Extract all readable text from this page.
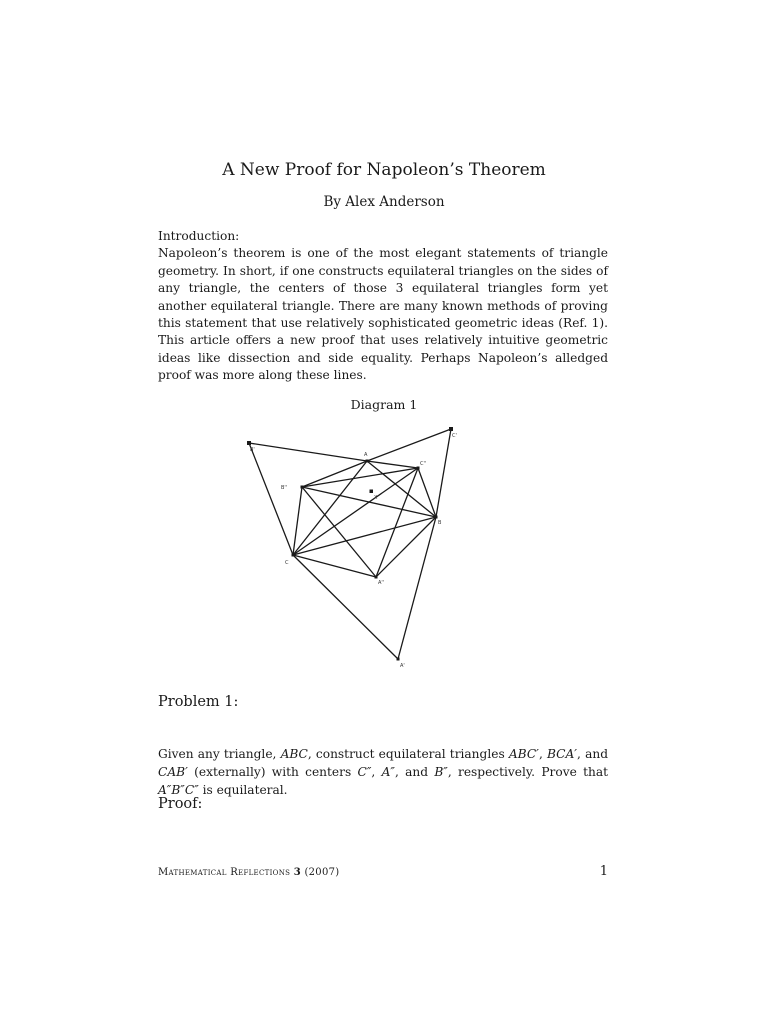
A New Proof for Napoleon’s Theorem
By Alex Anderson
Introduction:
Napoleon’s theorem is one of the most elegant statements of triangle geometry. In short, if one constructs equilateral triangles on the sides of any triangle, the centers of those 3 equilateral triangles form yet another equilateral triangle. There are many known methods of proving this statement that use relatively sophisticated geometric ideas (Ref. 1). This article offers a new proof that uses relatively intuitive geometric ideas like dissection and side equality. Perhaps Napoleon’s alledged proof was more along these lines.
Diagram 1
B'
C'
A
C''
B''
X
B
C
A''
A'
Problem 1:
Given any triangle, ABC, construct equilateral triangles ABC′, BCA′, and CAB′ (externally) with centers C″, A″, and B″, respectively. Prove that A″B″C″ is equilateral.
Proof:
Mathematical Reflections 3 (2007)	1
